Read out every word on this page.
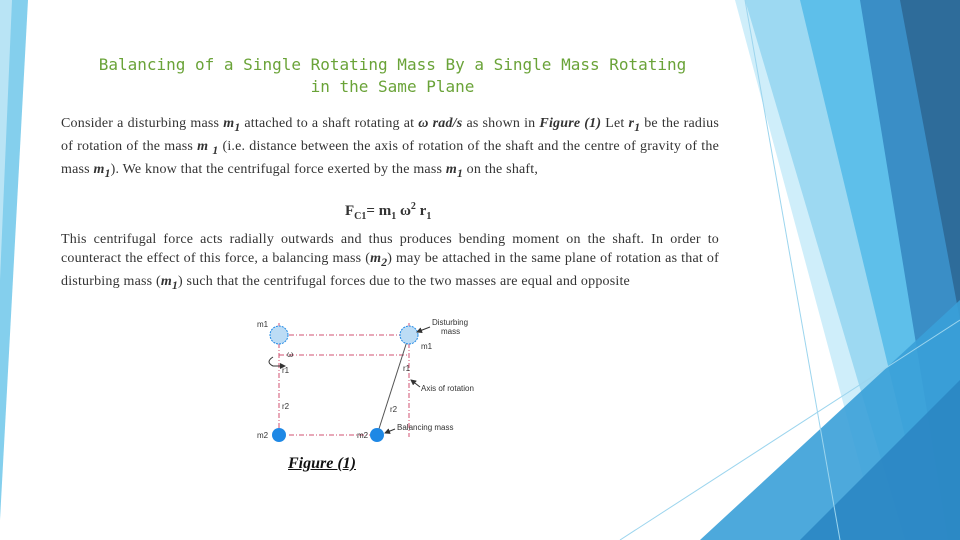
Balancing of a Single Rotating Mass By a Single Mass Rotating in the Same Plane
Consider a disturbing mass $m_1$ attached to a shaft rotating at ω rad/s as shown in Figure (1) Let $r_1$ be the radius of rotation of the mass m $_1$ (i.e. distance between the axis of rotation of the shaft and the centre of gravity of the mass $m_1$). We know that the centrifugal force exerted by the mass $m_1$ on the shaft,
$F_{C1}= m_1$ $\omega^2$ $r_1$
This centrifugal force acts radially outwards and thus produces bending moment on the shaft. In order to counteract the effect of this force, a balancing mass $(m_2)$ may be attached in the same plane of rotation as that of disturbing mass $(m_1)$ such that the centrifugal forces due to the two masses are equal and opposite
m1
m1
m2	m2
r1	r1
r2	r2
ω
Disturbing
mass
Axis of rotation
Balancing mass
Figure (1)
